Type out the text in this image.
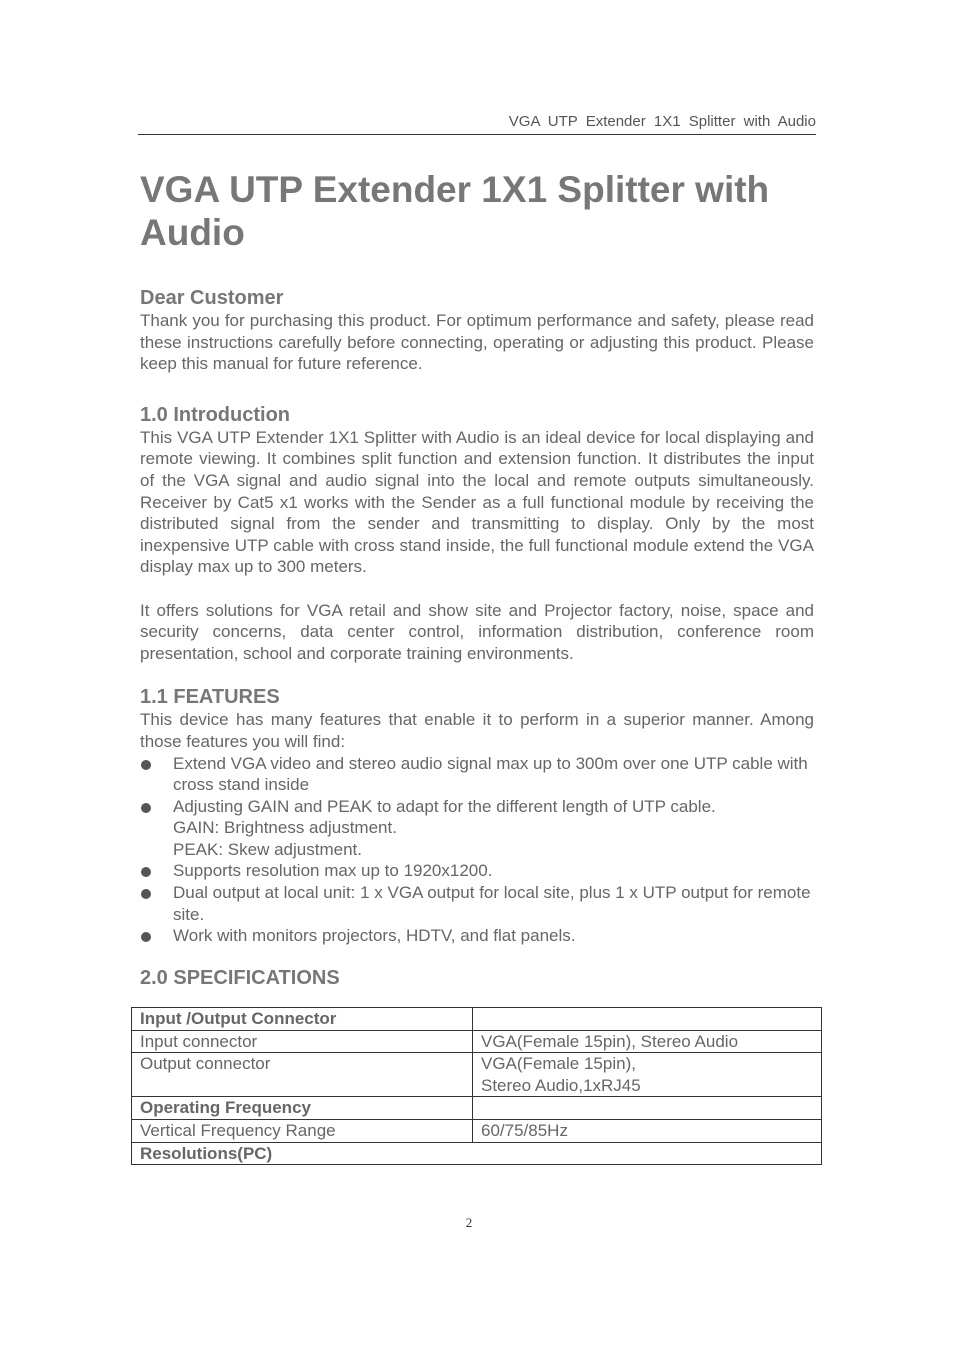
VGA UTP Extender 1X1 Splitter with Audio
VGA UTP Extender 1X1 Splitter with Audio
Dear Customer

Thank you for purchasing this product. For optimum performance and safety, please read these instructions carefully before connecting, operating or adjusting this product. Please keep this manual for future reference.

1.0 Introduction

This VGA UTP Extender 1X1 Splitter with Audio is an ideal device for local displaying and remote viewing. It combines split function and extension function. It distributes the input of the VGA signal and audio signal into the local and remote outputs simultaneously. Receiver by Cat5 x1 works with the Sender as a full functional module by receiving the distributed signal from the sender and transmitting to display. Only by the most inexpensive UTP cable with cross stand inside, the full functional module extend the VGA display max up to 300 meters.

It offers solutions for VGA retail and show site and Projector factory, noise, space and security concerns, data center control, information distribution, conference room presentation, school and corporate training environments.

1.1 FEATURES

This device has many features that enable it to perform in a superior manner. Among those features you will find:

Extend VGA video and stereo audio signal max up to 300m over one UTP cable with cross stand inside
Adjusting GAIN and PEAK to adapt for the different length of UTP cable.
GAIN: Brightness adjustment.
PEAK: Skew adjustment.
Supports resolution max up to 1920x1200.
Dual output at local unit: 1 x VGA output for local site, plus 1 x UTP output for remote site.
Work with monitors projectors, HDTV, and flat panels.
2.0 SPECIFICATIONS
Input /Output Connector	
Input connector	VGA(Female 15pin), Stereo Audio
Output connector	VGA(Female 15pin),
Stereo Audio,1xRJ45

Operating Frequency	
Vertical Frequency Range	60/75/85Hz
Resolutions(PC)	
2
